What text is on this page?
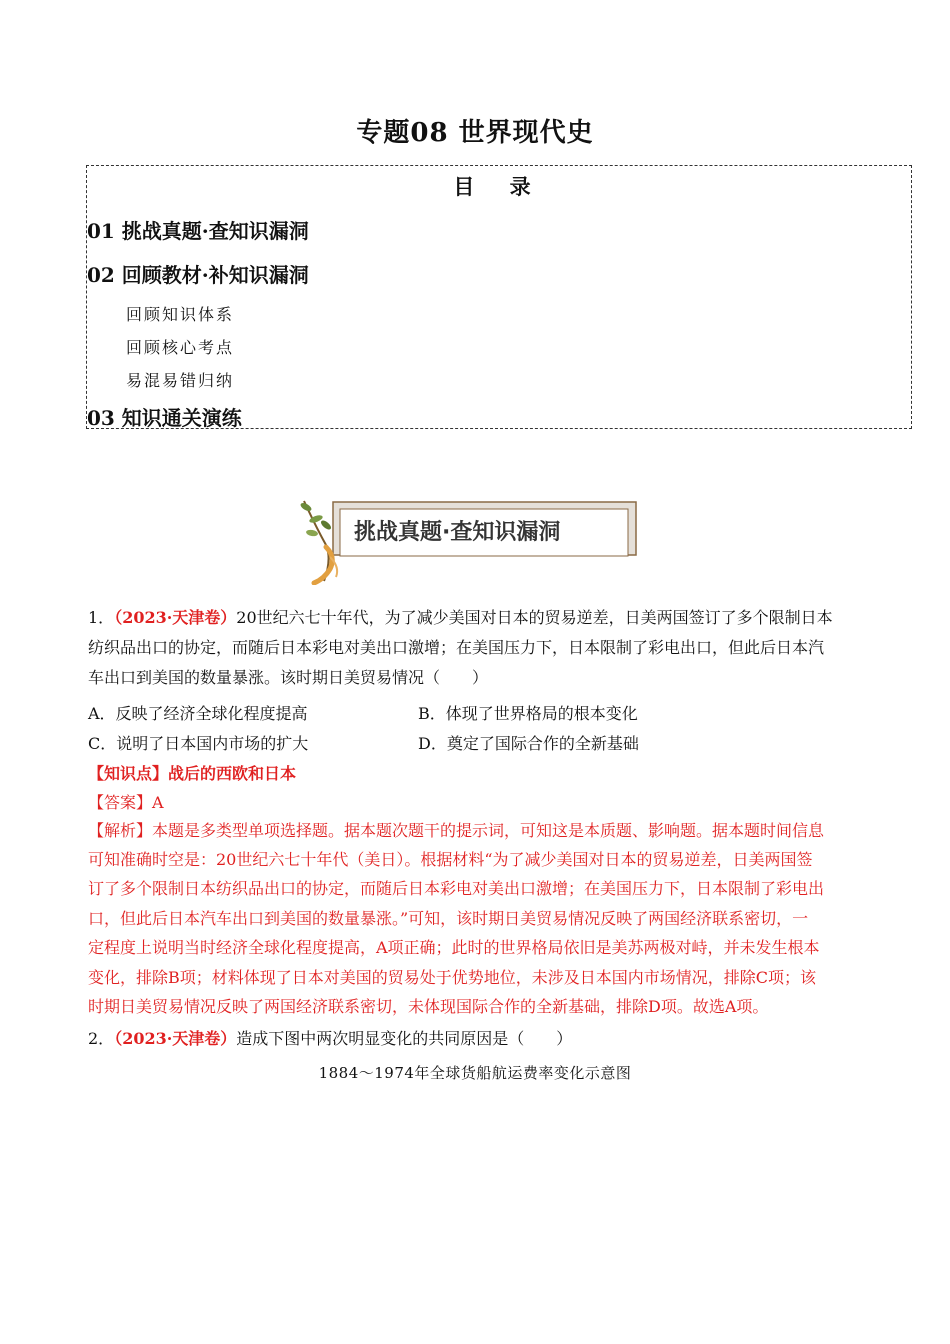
专题08 世界现代史
目 录
01 挑战真题·查知识漏洞
02 回顾教材·补知识漏洞
回顾知识体系
回顾核心考点
易混易错归纳
03 知识通关演练
挑战真题·查知识漏洞
1．（2023·天津卷）20世纪六七十年代，为了减少美国对日本的贸易逆差，日美两国签订了多个限制日本
纺织品出口的协定，而随后日本彩电对美出口激增；在美国压力下，日本限制了彩电出口，但此后日本汽
车出口到美国的数量暴涨。该时期日美贸易情况（　　）
A．反映了经济全球化程度提高	B．体现了世界格局的根本变化
C．说明了日本国内市场的扩大	D．奠定了国际合作的全新基础
【知识点】战后的西欧和日本
【答案】A
【解析】本题是多类型单项选择题。据本题次题干的提示词，可知这是本质题、影响题。据本题时间信息
可知准确时空是：20世纪六七十年代（美日）。根据材料“为了减少美国对日本的贸易逆差，日美两国签
订了多个限制日本纺织品出口的协定，而随后日本彩电对美出口激增；在美国压力下，日本限制了彩电出
口，但此后日本汽车出口到美国的数量暴涨。”可知，该时期日美贸易情况反映了两国经济联系密切，一
定程度上说明当时经济全球化程度提高，A项正确；此时的世界格局依旧是美苏两极对峙，并未发生根本
变化，排除B项；材料体现了日本对美国的贸易处于优势地位，未涉及日本国内市场情况，排除C项；该
时期日美贸易情况反映了两国经济联系密切，未体现国际合作的全新基础，排除D项。故选A项。
2．（2023·天津卷）造成下图中两次明显变化的共同原因是（　　）
1884～1974年全球货船航运费率变化示意图
